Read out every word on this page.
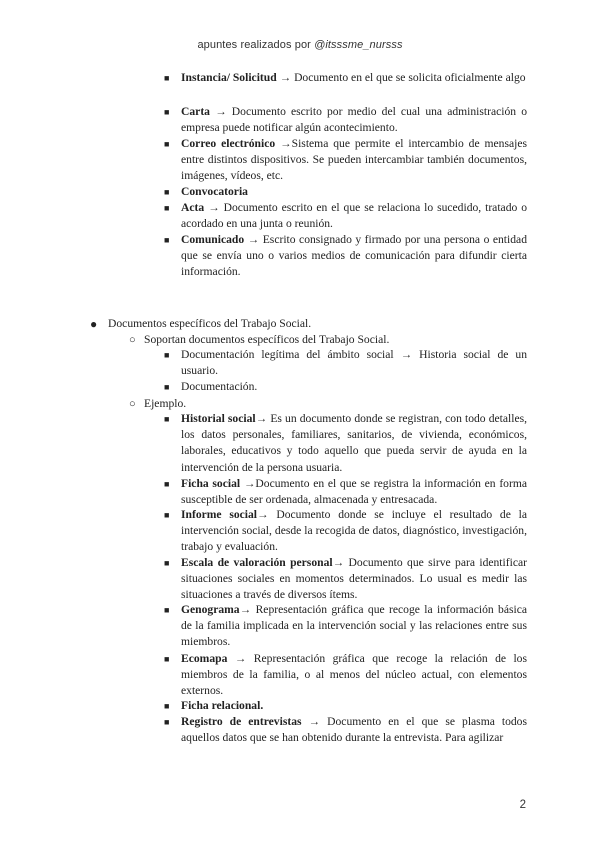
apuntes realizados por @itsssme_nursss
■ Instancia/ Solicitud → Documento en el que se solicita oficialmente algo
■ Carta → Documento escrito por medio del cual una administración o empresa puede notificar algún acontecimiento.
■ Correo electrónico →Sistema que permite el intercambio de mensajes entre distintos dispositivos. Se pueden intercambiar también documentos, imágenes, vídeos, etc.
■ Convocatoria
■ Acta → Documento escrito en el que se relaciona lo sucedido, tratado o acordado en una junta o reunión.
■ Comunicado → Escrito consignado y firmado por una persona o entidad que se envía uno o varios medios de comunicación para difundir cierta información.
● Documentos específicos del Trabajo Social.
○ Soportan documentos específicos del Trabajo Social.
■ Documentación legítima del ámbito social → Historia social de un usuario.
■ Documentación.
○ Ejemplo.
■ Historial social→ Es un documento donde se registran, con todo detalles, los datos personales, familiares, sanitarios, de vivienda, económicos, laborales, educativos y todo aquello que pueda servir de ayuda en la intervención de la persona usuaria.
■ Ficha social →Documento en el que se registra la información en forma susceptible de ser ordenada, almacenada y entresacada.
■ Informe social→ Documento donde se incluye el resultado de la intervención social, desde la recogida de datos, diagnóstico, investigación, trabajo y evaluación.
■ Escala de valoración personal→ Documento que sirve para identificar situaciones sociales en momentos determinados. Lo usual es medir las situaciones a través de diversos ítems.
■ Genograma→ Representación gráfica que recoge la información básica de la familia implicada en la intervención social y las relaciones entre sus miembros.
■ Ecomapa → Representación gráfica que recoge la relación de los miembros de la familia, o al menos del núcleo actual, con elementos externos.
■ Ficha relacional.
■ Registro de entrevistas → Documento en el que se plasma todos aquellos datos que se han obtenido durante la entrevista. Para agilizar
2
